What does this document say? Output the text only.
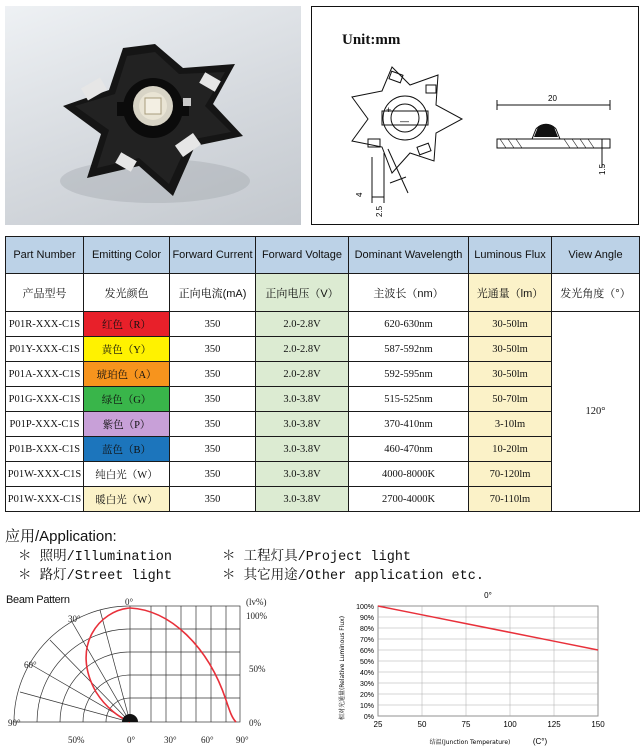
Unit:mm
—
+
20
1.5
4
2.5
Part Number	Emitting Color	Forward Current	Forward Voltage	Dominant Wavelength	Luminous Flux	View Angle
产品型号	发光颜色	正向电流(mA)	正向电压（V）	主波长（nm）	光通量（lm）	发光角度（°）
P01R-XXX-C1S	红色（R）	350	2.0-2.8V	620-630nm	30-50lm	120°
P01Y-XXX-C1S	黄色（Y）	350	2.0-2.8V	587-592nm	30-50lm	
P01A-XXX-C1S	琥珀色（A）	350	2.0-2.8V	592-595nm	30-50lm	
P01G-XXX-C1S	绿色（G）	350	3.0-3.8V	515-525nm	50-70lm	
P01P-XXX-C1S	紫色（P）	350	3.0-3.8V	370-410nm	3-10lm	
P01B-XXX-C1S	蓝色（B）	350	3.0-3.8V	460-470nm	10-20lm	
P01W-XXX-C1S	纯白光（W）	350	3.0-3.8V	4000-8000K	70-120lm	
P01W-XXX-C1S	暖白光（W）	350	3.0-3.8V	2700-4000K	70-110lm	
应用/Application:
＊ 照明/Illumination	＊ 工程灯具/Project light
＊ 路灯/Street light	＊ 其它用途/Other application etc.
Beam Pattern	0°
30°
60°
90°
(lv%)
100%
50%
0%
50%	0°	30°	60° 90°
0°
相对光通量(Relative Luminous Flux)
结温(Junction Temperature)	(C°)
25	50	75	100	125	150
0%
10%
20%
30%
40%
50%
60%
70%
80%
90%
100%
